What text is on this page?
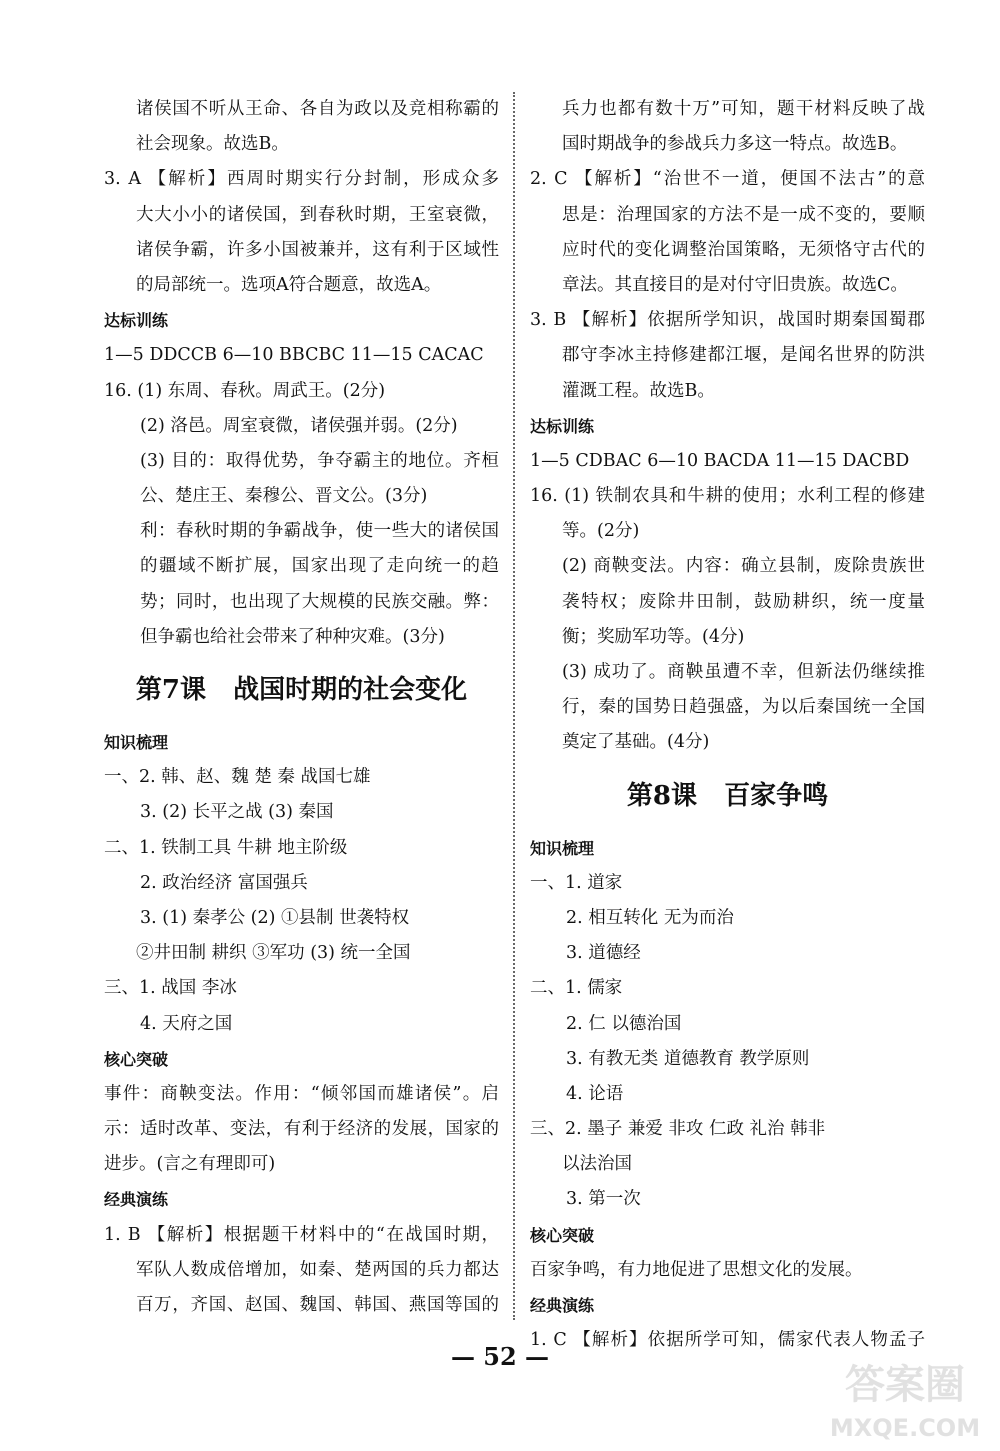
诸侯国不听从王命、各自为政以及竞相称霸的
社会现象。故选B。
3. A 【解析】西周时期实行分封制，形成众多
大大小小的诸侯国，到春秋时期，王室衰微，
诸侯争霸，许多小国被兼并，这有利于区域性
的局部统一。选项A符合题意，故选A。
达标训练
1—5 DDCCB 6—10 BBCBC 11—15 CACAC
16. (1) 东周、春秋。周武王。(2分)
(2) 洛邑。周室衰微，诸侯强并弱。(2分)
(3) 目的：取得优势，争夺霸主的地位。齐桓
公、楚庄王、秦穆公、晋文公。(3分)
利：春秋时期的争霸战争，使一些大的诸侯国
的疆域不断扩展，国家出现了走向统一的趋
势；同时，也出现了大规模的民族交融。弊：
但争霸也给社会带来了种种灾难。(3分)
第7课   战国时期的社会变化
知识梳理
一、2. 韩、赵、魏 楚 秦 战国七雄
3. (2) 长平之战 (3) 秦国
二、1. 铁制工具 牛耕 地主阶级
2. 政治经济 富国强兵
3. (1) 秦孝公 (2) ①县制 世袭特权
②井田制 耕织 ③军功 (3) 统一全国
三、1. 战国 李冰
4. 天府之国
核心突破
事件：商鞅变法。作用：“倾邻国而雄诸侯”。启
示：适时改革、变法，有利于经济的发展，国家的
进步。(言之有理即可)
经典演练
1. B 【解析】根据题干材料中的“在战国时期，
军队人数成倍增加，如秦、楚两国的兵力都达
百万，齐国、赵国、魏国、韩国、燕国等国的
兵力也都有数十万”可知，题干材料反映了战
国时期战争的参战兵力多这一特点。故选B。
2. C 【解析】“治世不一道，便国不法古”的意
思是：治理国家的方法不是一成不变的，要顺
应时代的变化调整治国策略，无须恪守古代的
章法。其直接目的是对付守旧贵族。故选C。
3. B 【解析】依据所学知识，战国时期秦国蜀郡
郡守李冰主持修建都江堰，是闻名世界的防洪
灌溉工程。故选B。
达标训练
1—5 CDBAC 6—10 BACDA 11—15 DACBD
16. (1) 铁制农具和牛耕的使用；水利工程的修建
等。(2分)
(2) 商鞅变法。内容：确立县制，废除贵族世
袭特权；废除井田制，鼓励耕织，统一度量
衡；奖励军功等。(4分)
(3) 成功了。商鞅虽遭不幸，但新法仍继续推
行，秦的国势日趋强盛，为以后秦国统一全国
奠定了基础。(4分)
第8课   百家争鸣
知识梳理
一、1. 道家
2. 相互转化 无为而治
3. 道德经
二、1. 儒家
2. 仁 以德治国
3. 有教无类 道德教育 教学原则
4. 论语
三、2. 墨子 兼爱 非攻 仁政 礼治 韩非
以法治国
3. 第一次
核心突破
百家争鸣，有力地促进了思想文化的发展。
经典演练
1. C 【解析】依据所学可知，儒家代表人物孟子
— 52 —
答案圈
MXQE.COM
